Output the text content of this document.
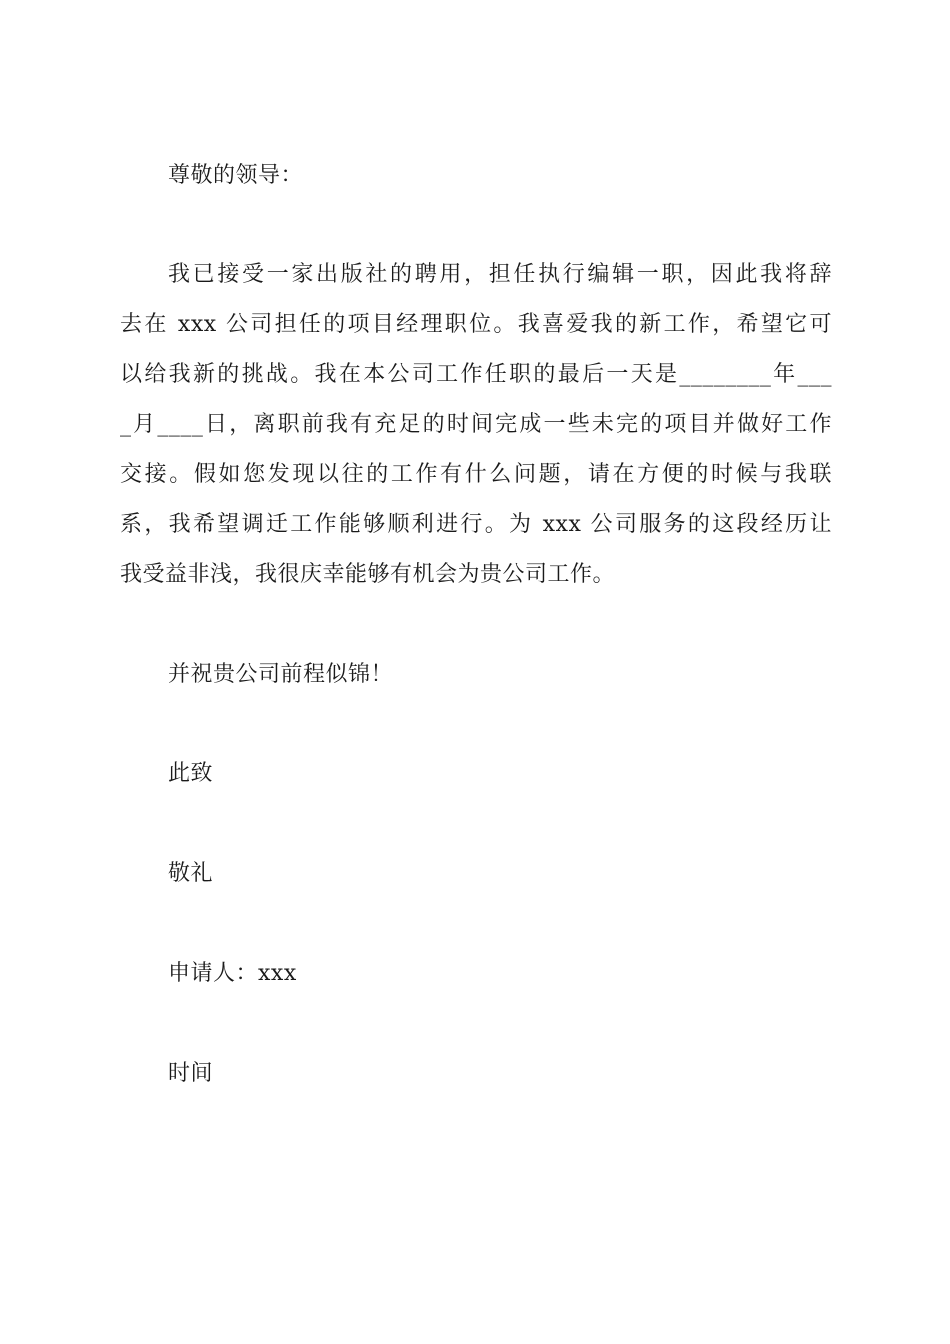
尊敬的领导：
我已接受一家出版社的聘用，担任执行编辑一职，因此我将辞
去在 xxx 公司担任的项目经理职位。我喜爱我的新工作，希望它可
以给我新的挑战。我在本公司工作任职的最后一天是________年___
_月____日，离职前我有充足的时间完成一些未完的项目并做好工作
交接。假如您发现以往的工作有什么问题，请在方便的时候与我联
系，我希望调迁工作能够顺利进行。为 xxx 公司服务的这段经历让
我受益非浅，我很庆幸能够有机会为贵公司工作。
并祝贵公司前程似锦！
此致
敬礼
申请人：xxx
时间
